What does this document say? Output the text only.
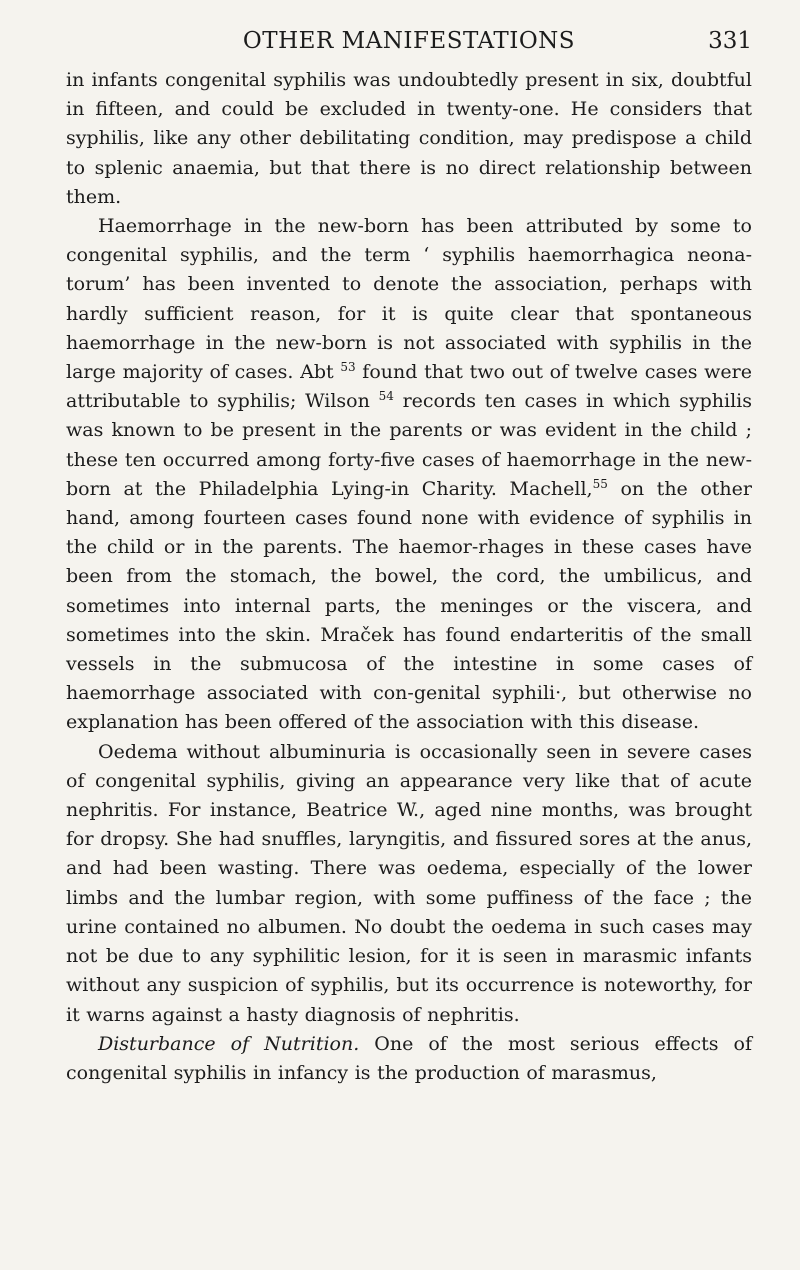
OTHER MANIFESTATIONS	331

in infants congenital syphilis was undoubtedly present in six, doubtful in fifteen, and could be excluded in twenty-one. He considers that syphilis, like any other debilitating condition, may predispose a child to splenic anaemia, but that there is no direct relationship between them.

Haemorrhage in the new-born has been attributed by some to congenital syphilis, and the term ‘ syphilis haemorrhagica neona-torum’ has been invented to denote the association, perhaps with hardly sufficient reason, for it is quite clear that spontaneous haemorrhage in the new-born is not associated with syphilis in the large majority of cases. Abt $^{53}$ found that two out of twelve cases were attributable to syphilis; Wilson $^{54}$ records ten cases in which syphilis was known to be present in the parents or was evident in the child ; these ten occurred among forty-five cases of haemorrhage in the new-born at the Philadelphia Lying-in Charity. Machell,$^{55}$ on the other hand, among fourteen cases found none with evidence of syphilis in the child or in the parents. The haemor-rhages in these cases have been from the stomach, the bowel, the cord, the umbilicus, and sometimes into internal parts, the meninges or the viscera, and sometimes into the skin. Mraček has found endarteritis of the small vessels in the submucosa of the intestine in some cases of haemorrhage associated with con-genital syphili·, but otherwise no explanation has been offered of the association with this disease.

Oedema without albuminuria is occasionally seen in severe cases of congenital syphilis, giving an appearance very like that of acute nephritis. For instance, Beatrice W., aged nine months, was brought for dropsy. She had snuffles, laryngitis, and fissured sores at the anus, and had been wasting. There was oedema, especially of the lower limbs and the lumbar region, with some puffiness of the face ; the urine contained no albumen. No doubt the oedema in such cases may not be due to any syphilitic lesion, for it is seen in marasmic infants without any suspicion of syphilis, but its occurrence is noteworthy, for it warns against a hasty diagnosis of nephritis.

Disturbance of Nutrition. One of the most serious effects of congenital syphilis in infancy is the production of marasmus,
